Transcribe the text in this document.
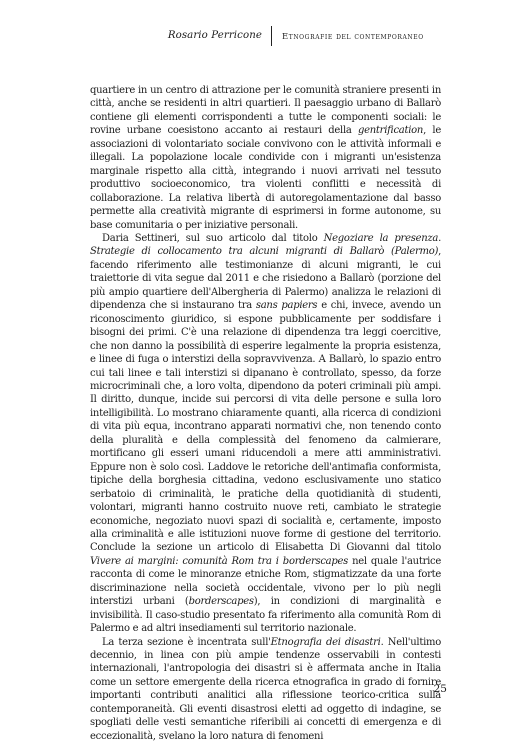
Rosario Perricone Etnografie del contemporaneo

quartiere in un centro di attrazione per le comunità straniere presenti in città, anche se residenti in altri quartieri. Il paesaggio urbano di Ballarò contiene gli elementi corrispondenti a tutte le componenti sociali: le rovine urbane coesistono accanto ai restauri della gentrification, le associazioni di volontariato sociale convivono con le attività informali e illegali. La popolazione locale condivide con i migranti un'esistenza marginale rispetto alla città, integrando i nuovi arrivati nel tessuto produttivo socioeconomico, tra violenti conflitti e necessità di collaborazione. La relativa libertà di autoregolamentazione dal basso permette alla creatività migrante di esprimersi in forme autonome, su base comunitaria o per iniziative personali.

Daria Settineri, sul suo articolo dal titolo Negoziare la presenza. Strategie di collocamento tra alcuni migranti di Ballarò (Palermo), facendo riferimento alle testimonianze di alcuni migranti, le cui traiettorie di vita segue dal 2011 e che risiedono a Ballarò (porzione del più ampio quartiere dell'Albergheria di Palermo) analizza le relazioni di dipendenza che si instaurano tra sans papiers e chi, invece, avendo un riconoscimento giuridico, si espone pubblicamente per soddisfare i bisogni dei primi. C'è una relazione di dipendenza tra leggi coercitive, che non danno la possibilità di esperire legalmente la propria esistenza, e linee di fuga o interstizi della sopravvivenza. A Ballarò, lo spazio entro cui tali linee e tali interstizi si dipanano è controllato, spesso, da forze microcriminali che, a loro volta, dipendono da poteri criminali più ampi. Il diritto, dunque, incide sui percorsi di vita delle persone e sulla loro intelligibilità. Lo mostrano chiaramente quanti, alla ricerca di condizioni di vita più equa, incontrano apparati normativi che, non tenendo conto della pluralità e della complessità del fenomeno da calmierare, mortificano gli esseri umani riducendoli a mere atti amministrativi. Eppure non è solo così. Laddove le retoriche dell'antimafia conformista, tipiche della borghesia cittadina, vedono esclusivamente uno statico serbatoio di criminalità, le pratiche della quotidianità di studenti, volontari, migranti hanno costruito nuove reti, cambiato le strategie economiche, negoziato nuovi spazi di socialità e, certamente, imposto alla criminalità e alle istituzioni nuove forme di gestione del territorio. Conclude la sezione un articolo di Elisabetta Di Giovanni dal titolo Vivere ai margini: comunità Rom tra i borderscapes nel quale l'autrice racconta di come le minoranze etniche Rom, stigmatizzate da una forte discriminazione nella società occidentale, vivono per lo più negli interstizi urbani (borderscapes), in condizioni di marginalità e invisibilità. Il caso-studio presentato fa riferimento alla comunità Rom di Palermo e ad altri insediamenti sul territorio nazionale.

La terza sezione è incentrata sull'Etnografia dei disastri. Nell'ultimo decennio, in linea con più ampie tendenze osservabili in contesti internazionali, l'antropologia dei disastri si è affermata anche in Italia come un settore emergente della ricerca etnografica in grado di fornire importanti contributi analitici alla riflessione teorico-critica sulla contemporaneità. Gli eventi disastrosi eletti ad oggetto di indagine, se spogliati delle vesti semantiche riferibili ai concetti di emergenza e di eccezionalità, svelano la loro natura di fenomeni

25
